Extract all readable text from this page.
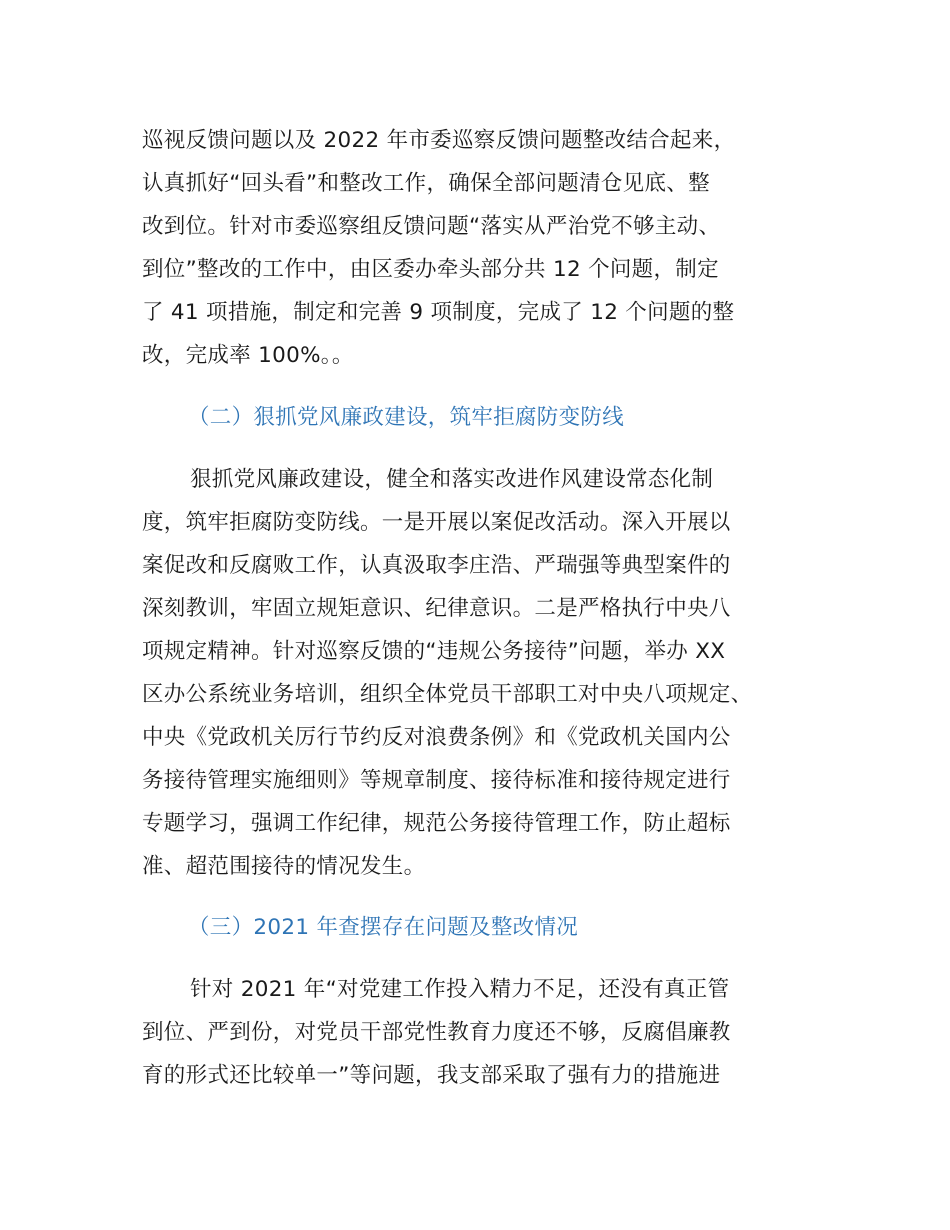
巡视反馈问题以及 2022 年市委巡察反馈问题整改结合起来，
认真抓好“回头看”和整改工作，确保全部问题清仓见底、整
改到位。针对市委巡察组反馈问题“落实从严治党不够主动、
到位”整改的工作中，由区委办牵头部分共 12 个问题，制定
了 41 项措施，制定和完善 9 项制度，完成了 12 个问题的整
改，完成率 100%。。
（二）狠抓党风廉政建设，筑牢拒腐防变防线
狠抓党风廉政建设，健全和落实改进作风建设常态化制
度，筑牢拒腐防变防线。一是开展以案促改活动。深入开展以
案促改和反腐败工作，认真汲取李庄浩、严瑞强等典型案件的
深刻教训，牢固立规矩意识、纪律意识。二是严格执行中央八
项规定精神。针对巡察反馈的“违规公务接待”问题，举办 XX
区办公系统业务培训，组织全体党员干部职工对中央八项规定、
中央《党政机关厉行节约反对浪费条例》和《党政机关国内公
务接待管理实施细则》等规章制度、接待标准和接待规定进行
专题学习，强调工作纪律，规范公务接待管理工作，防止超标
准、超范围接待的情况发生。
（三）2021 年查摆存在问题及整改情况
针对 2021 年“对党建工作投入精力不足，还没有真正管
到位、严到份，对党员干部党性教育力度还不够，反腐倡廉教
育的形式还比较单一”等问题，我支部采取了强有力的措施进
